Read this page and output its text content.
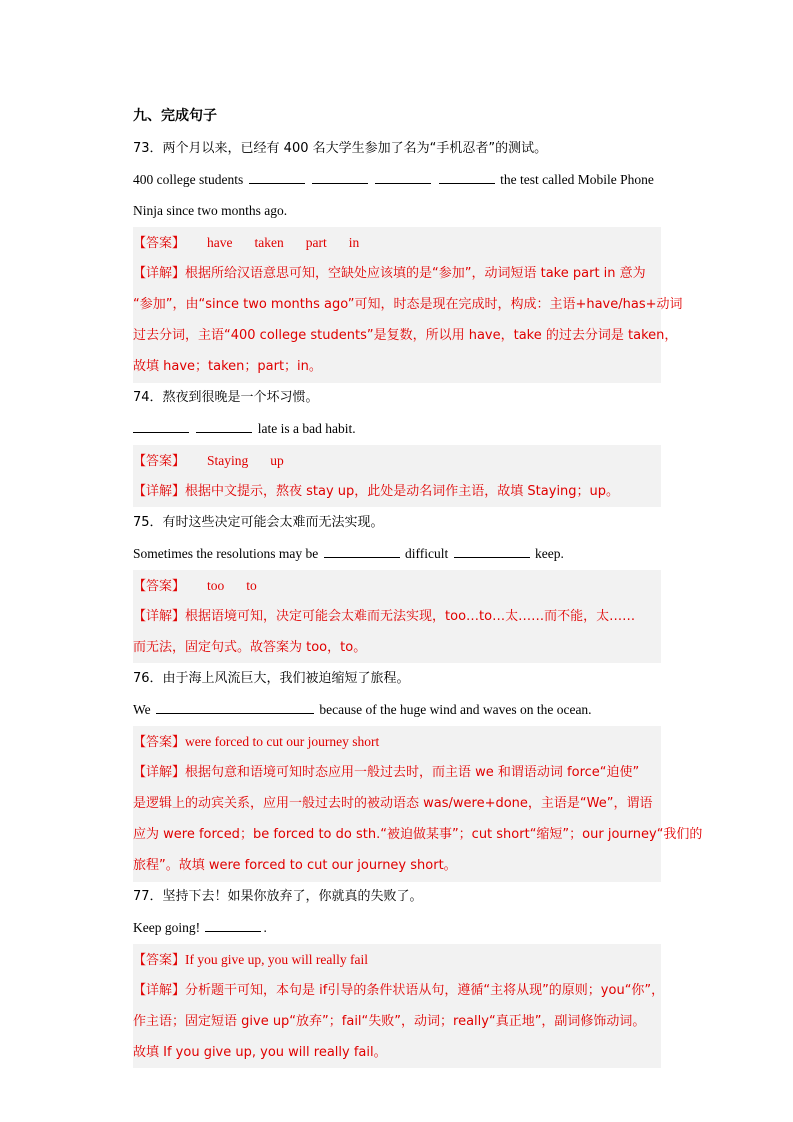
九、完成句子
73．两个月以来，已经有 400 名大学生参加了名为“手机忍者”的测试。
400 college students	the test called Mobile Phone
Ninja since two months ago.
【答案】 have taken part in
【详解】根据所给汉语意思可知，空缺处应该填的是“参加”，动词短语 take part in 意为
“参加”，由“since two months ago”可知，时态是现在完成时，构成：主语+have/has+动词
过去分词，主语“400 college students”是复数，所以用 have，take 的过去分词是 taken，
故填 have；taken；part；in。
74．熬夜到很晚是一个坏习惯。
late is a bad habit.
【答案】 Staying up
【详解】根据中文提示，熬夜 stay up，此处是动名词作主语，故填 Staying；up。
75．有时这些决定可能会太难而无法实现。
Sometimes the resolutions may be	difficult	keep.
【答案】 too to
【详解】根据语境可知，决定可能会太难而无法实现，too…to…太……而不能，太……
而无法，固定句式。故答案为 too，to。
76．由于海上风流巨大，我们被迫缩短了旅程。
We	because of the huge wind and waves on the ocean.
【答案】were forced to cut our journey short
【详解】根据句意和语境可知时态应用一般过去时，而主语 we 和谓语动词 force“迫使”
是逻辑上的动宾关系，应用一般过去时的被动语态 was/were+done，主语是“We”，谓语
应为 were forced；be forced to do sth.“被迫做某事”；cut short“缩短”；our journey“我们的
旅程”。故填 were forced to cut our journey short。
77．坚持下去！如果你放弃了，你就真的失败了。
Keep going!	.
【答案】If you give up, you will really fail
【详解】分析题干可知，本句是 if引导的条件状语从句，遵循“主将从现”的原则；you“你”，
作主语；固定短语 give up“放弃”；fail“失败”，动词；really“真正地”，副词修饰动词。
故填 If you give up, you will really fail。
